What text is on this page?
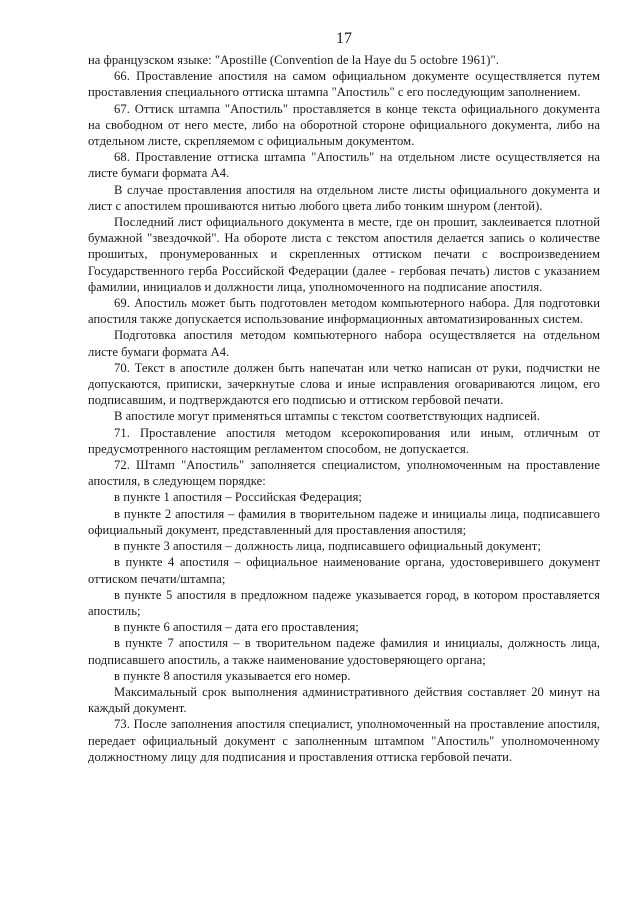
17

на французском языке: "Apostille (Convention de la Haye du 5 octobre 1961)".

66. Проставление апостиля на самом официальном документе осуществляется путем проставления специального оттиска штампа "Апостиль" с его последующим заполнением.

67. Оттиск штампа "Апостиль" проставляется в конце текста официального документа на свободном от него месте, либо на оборотной стороне официального документа, либо на отдельном листе, скрепляемом с официальным документом.

68. Проставление оттиска штампа "Апостиль" на отдельном листе осуществляется на листе бумаги формата А4.

В случае проставления апостиля на отдельном листе листы официального документа и лист с апостилем прошиваются нитью любого цвета либо тонким шнуром (лентой).

Последний лист официального документа в месте, где он прошит, заклеивается плотной бумажной "звездочкой". На обороте листа с текстом апостиля делается запись о количестве прошитых, пронумерованных и скрепленных оттиском печати с воспроизведением Государственного герба Российской Федерации (далее - гербовая печать) листов с указанием фамилии, инициалов и должности лица, уполномоченного на подписание апостиля.

69. Апостиль может быть подготовлен методом компьютерного набора. Для подготовки апостиля также допускается использование информационных автоматизированных систем.

Подготовка апостиля методом компьютерного набора осуществляется на отдельном листе бумаги формата А4.

70. Текст в апостиле должен быть напечатан или четко написан от руки, подчистки не допускаются, приписки, зачеркнутые слова и иные исправления оговариваются лицом, его подписавшим, и подтверждаются его подписью и оттиском гербовой печати.

В апостиле могут применяться штампы с текстом соответствующих надписей.

71. Проставление апостиля методом ксерокопирования или иным, отличным от предусмотренного настоящим регламентом способом, не допускается.

72. Штамп "Апостиль" заполняется специалистом, уполномоченным на проставление апостиля, в следующем порядке:

в пункте 1 апостиля – Российская Федерация;

в пункте 2 апостиля – фамилия в творительном падеже и инициалы лица, подписавшего официальный документ, представленный для проставления апостиля;

в пункте 3 апостиля – должность лица, подписавшего официальный документ;

в пункте 4 апостиля – официальное наименование органа, удостоверившего документ оттиском печати/штампа;

в пункте 5 апостиля в предложном падеже указывается город, в котором проставляется апостиль;

в пункте 6 апостиля – дата его проставления;

в пункте 7 апостиля – в творительном падеже фамилия и инициалы, должность лица, подписавшего апостиль, а также наименование удостоверяющего органа;

в пункте 8 апостиля указывается его номер.

Максимальный срок выполнения административного действия составляет 20 минут на каждый документ.

73. После заполнения апостиля специалист, уполномоченный на проставление апостиля, передает официальный документ с заполненным штампом "Апостиль" уполномоченному должностному лицу для подписания и проставления оттиска гербовой печати.
